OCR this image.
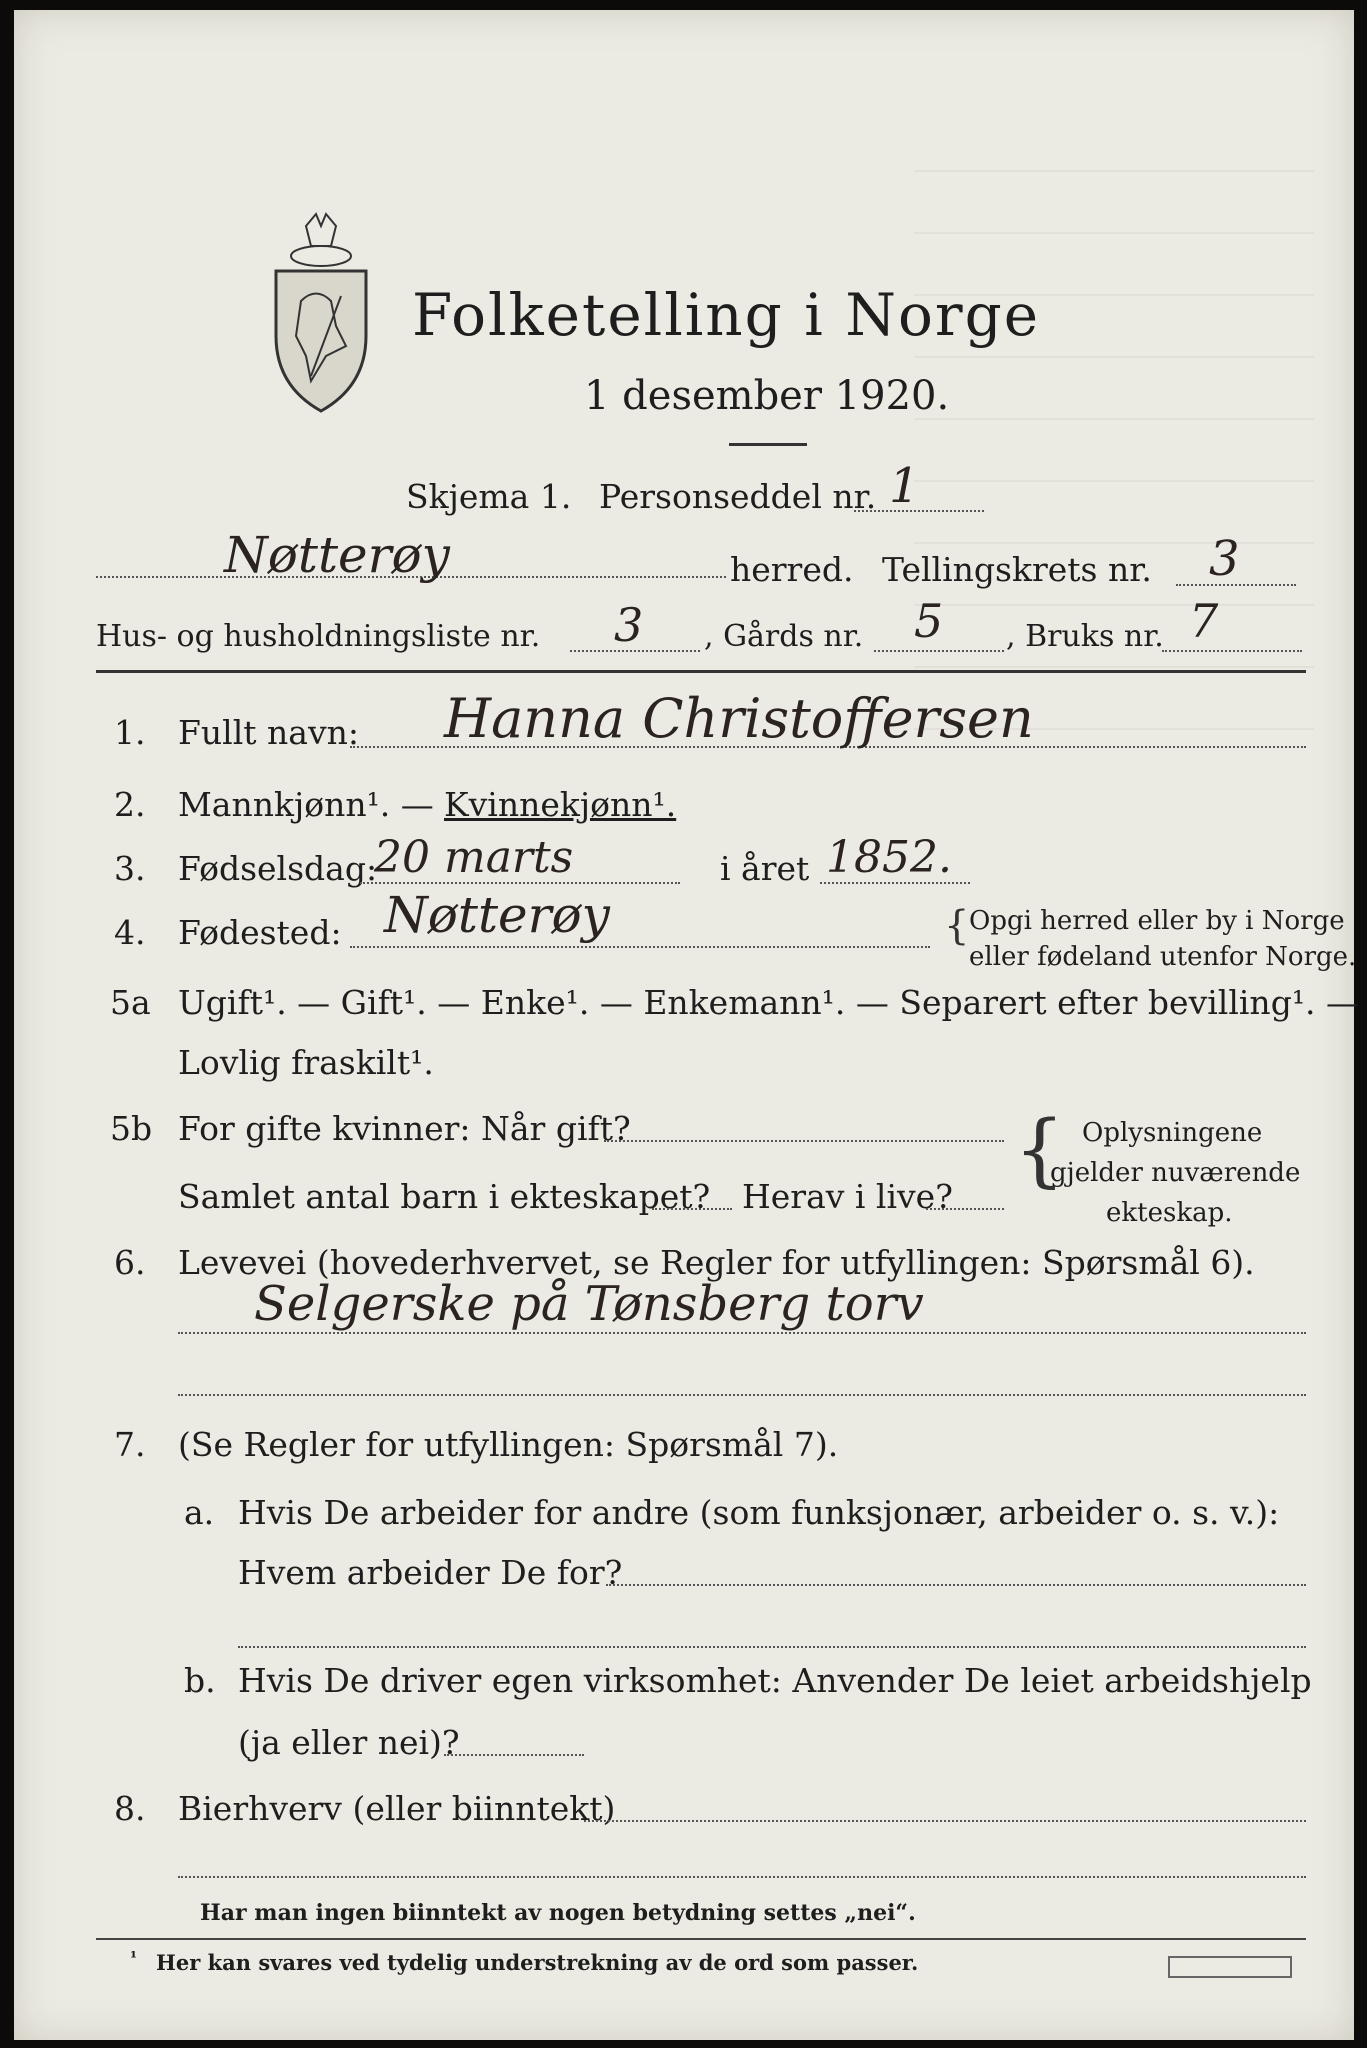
Folketelling i Norge
1 desember 1920.
Skjema 1. Personseddel nr. 1
Nøtterøy	herred. Tellingskrets nr. 3
Hus- og husholdningsliste nr. 3 , Gårds nr. 5 , Bruks nr. 7
1. Fullt navn: Hanna Christoffersen
2. Mannkjønn¹. — Kvinnekjønn¹.
3. Fødselsdag:
20 marts	i året 1852.
4. Fødested: Nøtterøy	{ Opgi herred eller by i Norge
eller fødeland utenfor Norge.
5a Ugift¹. — Gift¹. — Enke¹. — Enkemann¹. — Separert efter bevilling¹. —
Lovlig fraskilt¹.
5b For gifte kvinner: Når gift?
Samlet antal barn i ekteskapet? Herav i live?
{ Oplysningene
gjelder nuværende
ekteskap.
6. Levevei (hovederhvervet, se Regler for utfyllingen: Spørsmål 6).
Selgerske på Tønsberg torv
7. (Se Regler for utfyllingen: Spørsmål 7).
a. Hvis De arbeider for andre (som funksjonær, arbeider o. s. v.):
Hvem arbeider De for?
b. Hvis De driver egen virksomhet: Anvender De leiet arbeidshjelp
(ja eller nei)?
8. Bierhverv (eller biinntekt)
Har man ingen biinntekt av nogen betydning settes „nei“.
¹ Her kan svares ved tydelig understrekning av de ord som passer.
